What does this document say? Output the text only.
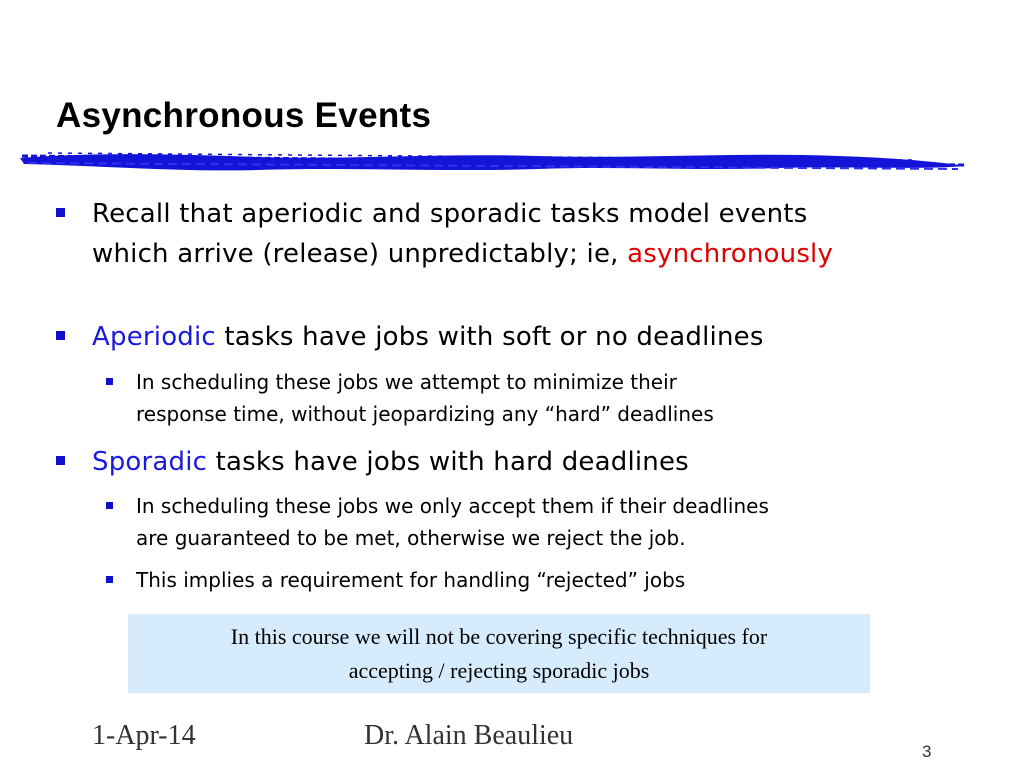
Asynchronous Events
Recall that aperiodic and sporadic tasks model events
which arrive (release) unpredictably; ie, asynchronously
Aperiodic tasks have jobs with soft or no deadlines
In scheduling these jobs we attempt to minimize their
response time, without jeopardizing any “hard” deadlines
Sporadic tasks have jobs with hard deadlines
In scheduling these jobs we only accept them if their deadlines
are guaranteed to be met, otherwise we reject the job.
This implies a requirement for handling “rejected” jobs
In this course we will not be covering specific techniques for
accepting / rejecting sporadic jobs
1-Apr-14	Dr. Alain Beaulieu
3
